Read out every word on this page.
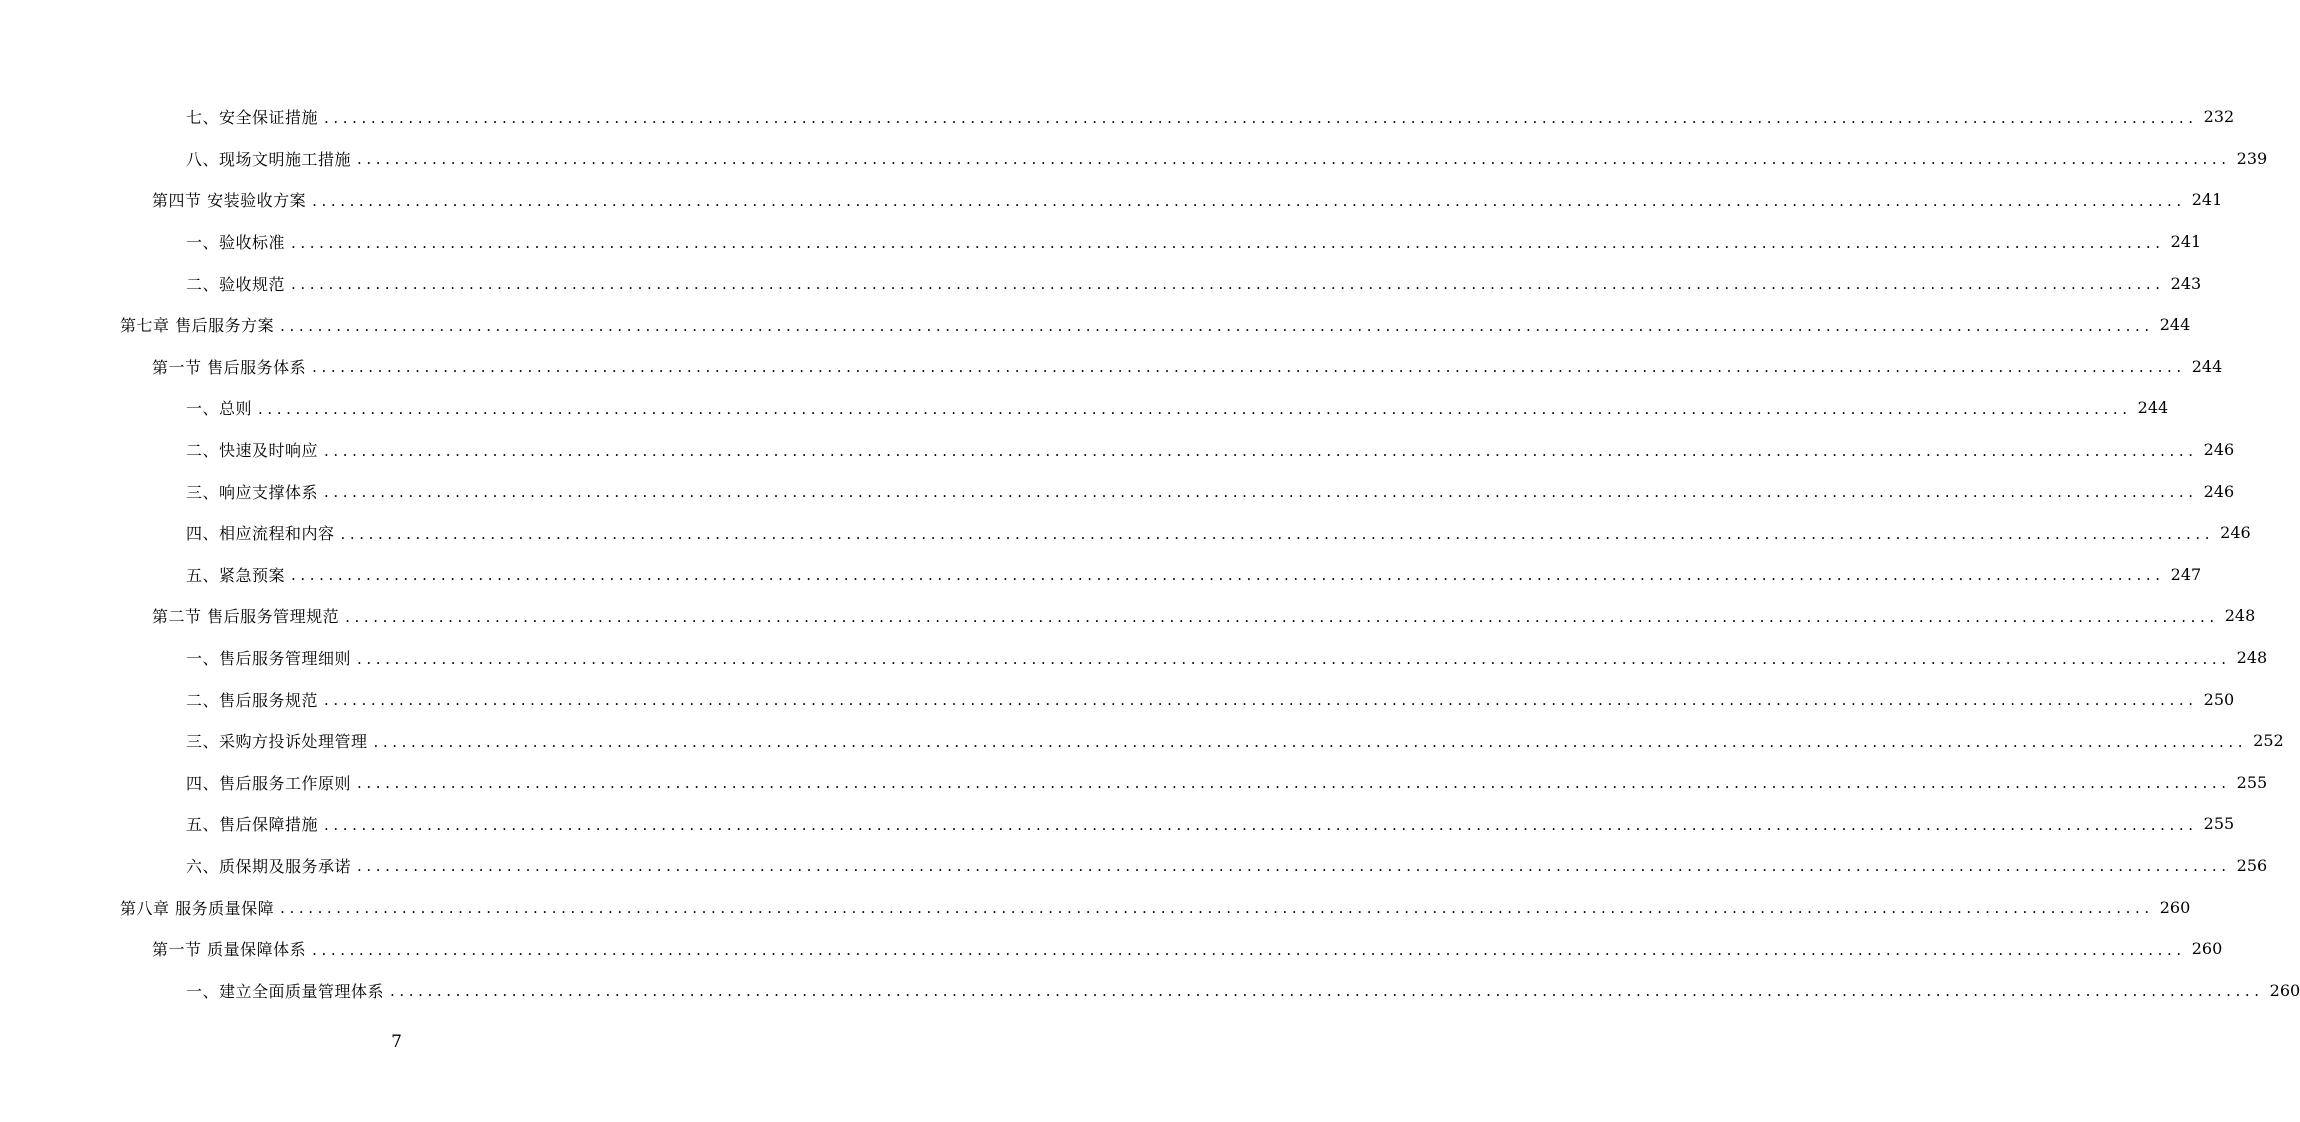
七、安全保证措施 ........................................................................................................................................................................................................ 232
八、现场文明施工措施 ........................................................................................................................................................................................................ 239
第四节 安装验收方案 ........................................................................................................................................................................................................ 241
一、验收标准 ........................................................................................................................................................................................................ 241
二、验收规范 ........................................................................................................................................................................................................ 243
第七章 售后服务方案 ........................................................................................................................................................................................................ 244
第一节 售后服务体系 ........................................................................................................................................................................................................ 244
一、总则 ........................................................................................................................................................................................................ 244
二、快速及时响应 ........................................................................................................................................................................................................ 246
三、响应支撑体系 ........................................................................................................................................................................................................ 246
四、相应流程和内容 ........................................................................................................................................................................................................ 246
五、紧急预案 ........................................................................................................................................................................................................ 247
第二节 售后服务管理规范 ........................................................................................................................................................................................................ 248
一、售后服务管理细则 ........................................................................................................................................................................................................ 248
二、售后服务规范 ........................................................................................................................................................................................................ 250
三、采购方投诉处理管理 ........................................................................................................................................................................................................ 252
四、售后服务工作原则 ........................................................................................................................................................................................................ 255
五、售后保障措施 ........................................................................................................................................................................................................ 255
六、质保期及服务承诺 ........................................................................................................................................................................................................ 256
第八章 服务质量保障 ........................................................................................................................................................................................................ 260
第一节 质量保障体系 ........................................................................................................................................................................................................ 260
一、建立全面质量管理体系 ........................................................................................................................................................................................................ 260
7
